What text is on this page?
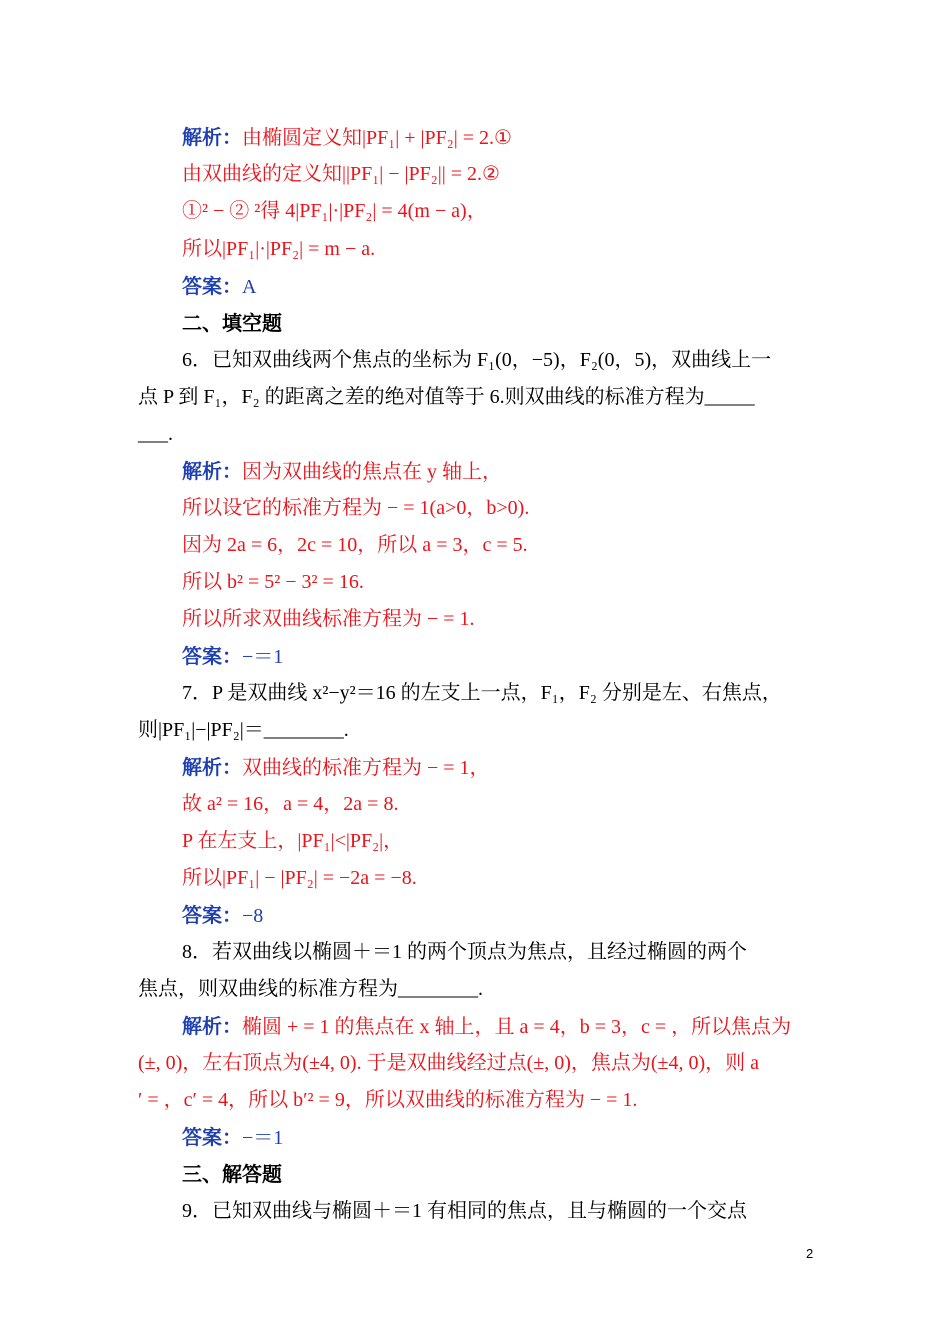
解析：由椭圆定义知|PF₁| + |PF₂| = 2.①
由双曲线的定义知||PF₁| − |PF₂|| = 2.②
①² − ② ²得 4|PF₁|·|PF₂| = 4(m − a)，
所以|PF₁|·|PF₂| = m − a.
答案：A
二、填空题
6．已知双曲线两个焦点的坐标为 F₁(0，−5)，F₂(0，5)，双曲线上一
点 P 到 F₁，F₂ 的距离之差的绝对值等于 6.则双曲线的标准方程为_____
___.
解析：因为双曲线的焦点在 y 轴上，
所以设它的标准方程为 − = 1(a>0，b>0).
因为 2a = 6，2c = 10，所以 a = 3，c = 5.
所以 b² = 5² − 3² = 16.
所以所求双曲线标准方程为 − = 1.
答案：−＝1
7．P 是双曲线 x²−y²＝16 的左支上一点，F₁，F₂ 分别是左、右焦点，
则|PF₁|−|PF₂|＝________.
解析：双曲线的标准方程为 − = 1，
故 a² = 16，a = 4，2a = 8.
P 在左支上，|PF₁|<|PF₂|，
所以|PF₁| − |PF₂| = −2a = −8.
答案：−8
8．若双曲线以椭圆＋＝1 的两个顶点为焦点，且经过椭圆的两个
焦点，则双曲线的标准方程为________.
解析：椭圆 + = 1 的焦点在 x 轴上，且 a = 4，b = 3，c = ，所以焦点为
(±, 0)，左右顶点为(±4, 0). 于是双曲线经过点(±, 0)，焦点为(±4, 0)，则 a
′ = ，c′ = 4，所以 b′² = 9，所以双曲线的标准方程为 − = 1.
答案：−＝1
三、解答题
9．已知双曲线与椭圆＋＝1 有相同的焦点，且与椭圆的一个交点
2
